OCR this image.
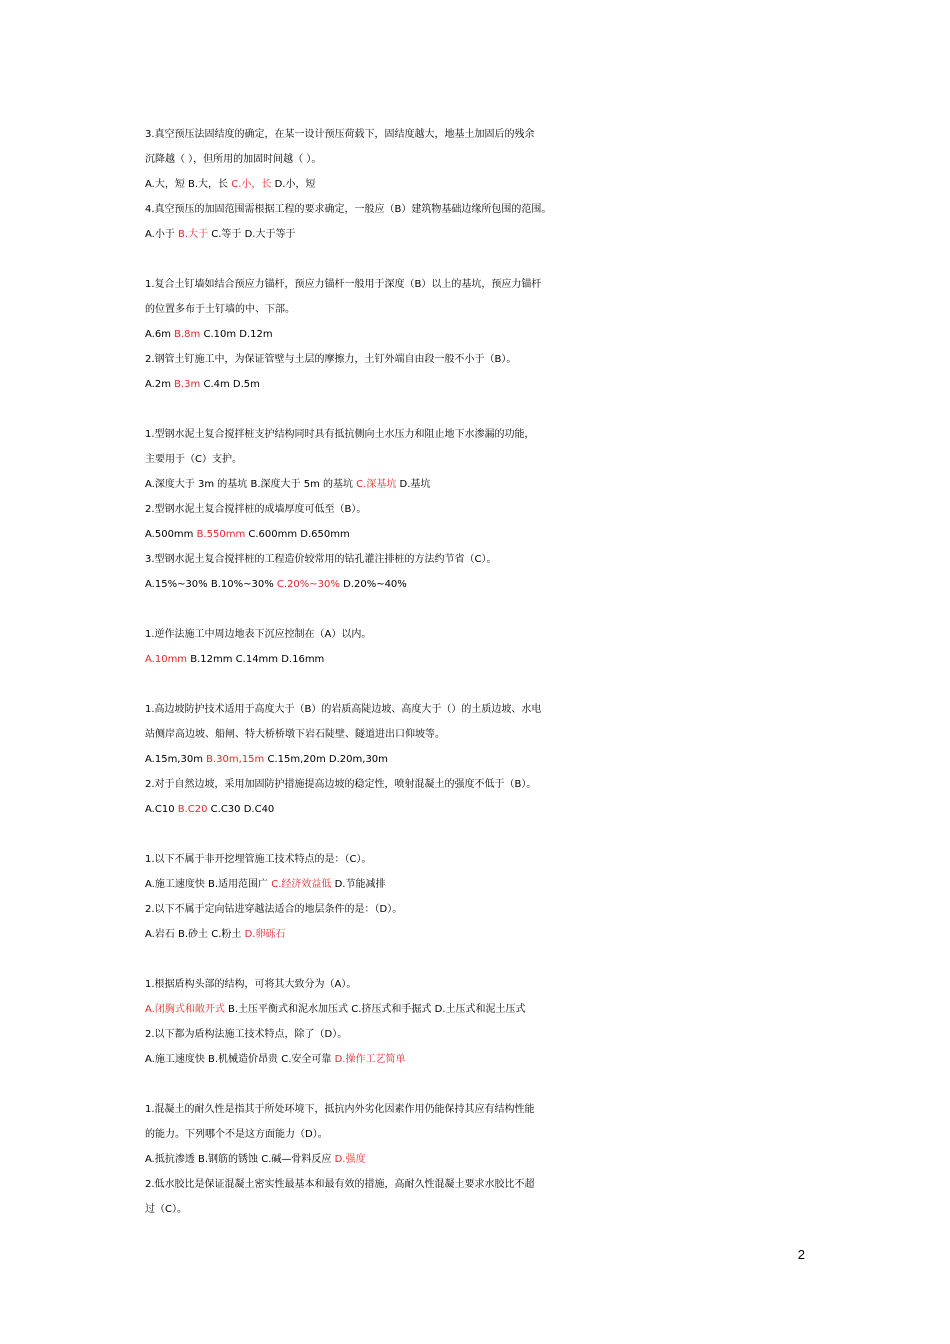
3.真空预压法固结度的确定，在某一设计预压荷载下，固结度越大，地基土加固后的残余
沉降越（ ），但所用的加固时间越（ ）。
A.大，短 B.大，长 C.小，长 D.小，短
4.真空预压的加固范围需根据工程的要求确定，一般应（B）建筑物基础边缘所包围的范围。
A.小于 B.大于 C.等于 D.大于等于
1.复合土钉墙如结合预应力锚杆，预应力锚杆一般用于深度（B）以上的基坑，预应力锚杆
的位置多布于土钉墙的中、下部。
A.6m B.8m C.10m D.12m
2.钢管土钉施工中，为保证管壁与土层的摩擦力，土钉外端自由段一般不小于（B）。
A.2m B.3m C.4m D.5m
1.型钢水泥土复合搅拌桩支护结构同时具有抵抗侧向土水压力和阻止地下水渗漏的功能，
主要用于（C）支护。
A.深度大于 3m 的基坑 B.深度大于 5m 的基坑 C.深基坑 D.基坑
2.型钢水泥土复合搅拌桩的成墙厚度可低至（B）。
A.500mm B.550mm C.600mm D.650mm
3.型钢水泥土复合搅拌桩的工程造价较常用的钻孔灌注排桩的方法约节省（C）。
A.15%~30% B.10%~30% C.20%~30% D.20%~40%
1.逆作法施工中周边地表下沉应控制在（A）以内。
A.10mm B.12mm C.14mm D.16mm
1.高边坡防护技术适用于高度大于（B）的岩质高陡边坡、高度大于（）的土质边坡、水电
站侧岸高边坡、船闸、特大桥桥墩下岩石陡壁、隧道进出口仰坡等。
A.15m,30m B.30m,15m C.15m,20m D.20m,30m
2.对于自然边坡，采用加固防护措施提高边坡的稳定性，喷射混凝土的强度不低于（B）。
A.C10 B.C20 C.C30 D.C40
1.以下不属于非开挖埋管施工技术特点的是：（C）。
A.施工速度快 B.适用范围广 C.经济效益低 D.节能减排
2.以下不属于定向钻进穿越法适合的地层条件的是：（D）。
A.岩石 B.砂土 C.粉土 D.卵砾石
1.根据盾构头部的结构，可将其大致分为（A）。
A.闭胸式和敞开式 B.土压平衡式和泥水加压式 C.挤压式和手掘式 D.土压式和泥土压式
2.以下都为盾构法施工技术特点，除了（D）。
A.施工速度快 B.机械造价昂贵 C.安全可靠 D.操作工艺简单
1.混凝土的耐久性是指其于所处环境下，抵抗内外劣化因素作用仍能保持其应有结构性能
的能力。下列哪个不是这方面能力（D）。
A.抵抗渗透 B.钢筋的锈蚀 C.碱—骨料反应 D.强度
2.低水胶比是保证混凝土密实性最基本和最有效的措施，高耐久性混凝土要求水胶比不超
过（C）。
2
